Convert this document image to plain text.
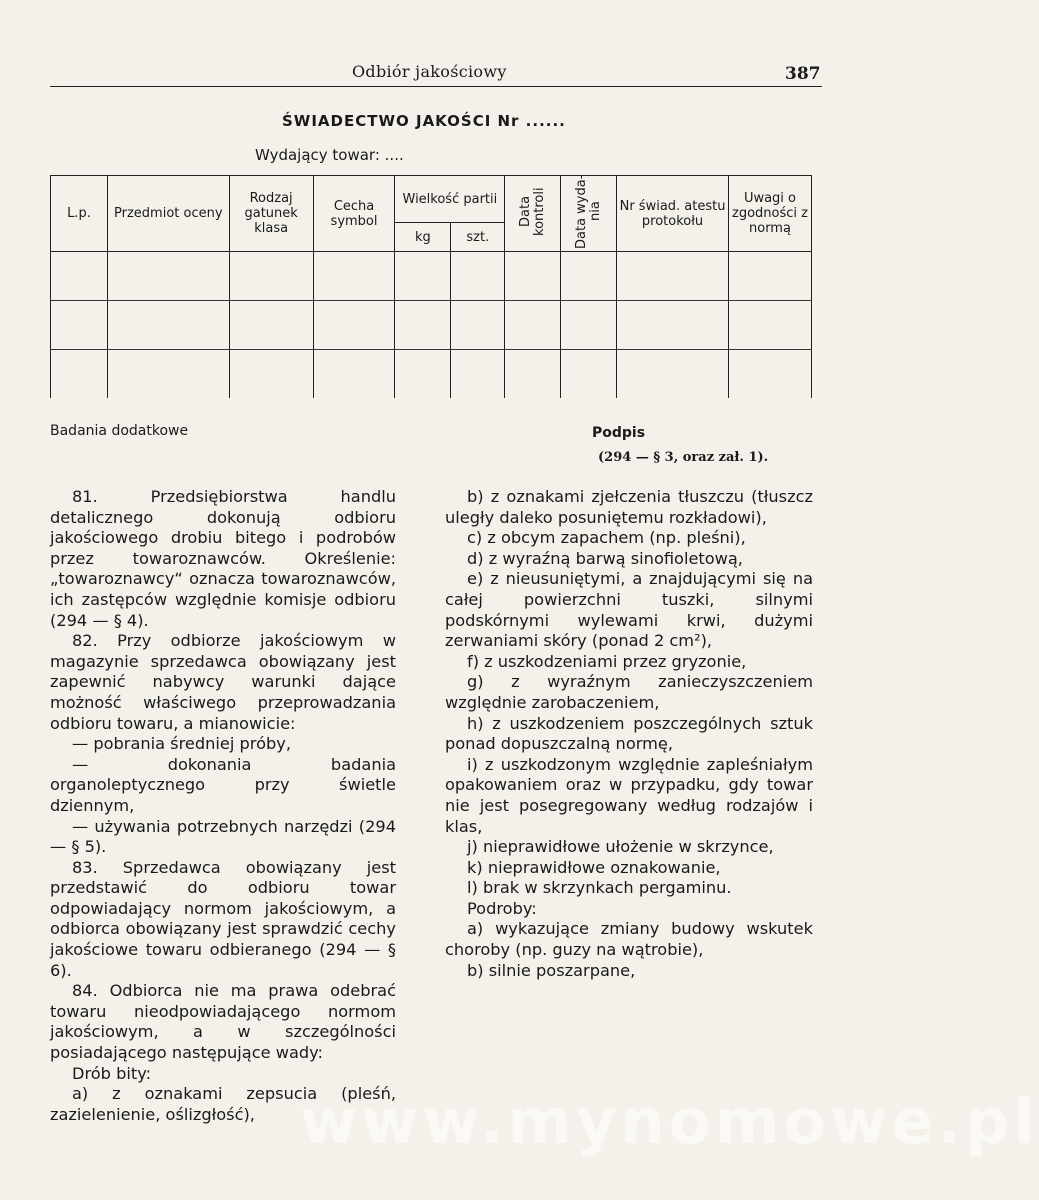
Odbiór jakościowy	387
ŚWIADECTWO JAKOŚCI Nr ......
Wydający towar: ....
L.p.	Przedmiot oceny	Rodzaj gatunek klasa	Cecha symbol	Wielkość partii		Data kontroli	Data wyda-nia	Nr świad. atestu protokołu	Uwagi o zgodności z normą
				kg	szt.				

Badania dodatkowe	Podpis
(294 — § 3, oraz zał. 1).

81. Przedsiębiorstwa handlu detalicznego dokonują odbioru jakościowego drobiu bitego i podrobów przez towaroznawców. Określenie: „towaroznawcy“ oznacza towaroznawców, ich zastępców względnie komisje odbioru (294 — § 4).

82. Przy odbiorze jakościowym w magazynie sprzedawca obowiązany jest zapewnić nabywcy warunki dające możność właściwego przeprowadzania odbioru towaru, a mianowicie:

— pobrania średniej próby,

— dokonania badania organoleptycznego przy świetle dziennym,

— używania potrzebnych narzędzi (294 — § 5).

83. Sprzedawca obowiązany jest przedstawić do odbioru towar odpowiadający normom jakościowym, a odbiorca obowiązany jest sprawdzić cechy jakościowe towaru odbieranego (294 — § 6).

84. Odbiorca nie ma prawa odebrać towaru nieodpowiadającego normom jakościowym, a w szczególności posiadającego następujące wady:

Drób bity:

a) z oznakami zepsucia (pleśń, zazielenienie, oślizgłość),

b) z oznakami zjełczenia tłuszczu (tłuszcz uległy daleko posuniętemu rozkładowi),

c) z obcym zapachem (np. pleśni),

d) z wyraźną barwą sinofioletową,

e) z nieusuniętymi, a znajdującymi się na całej powierzchni tuszki, silnymi podskórnymi wylewami krwi, dużymi zerwaniami skóry (ponad 2 cm²),

f) z uszkodzeniami przez gryzonie,

g) z wyraźnym zanieczyszczeniem względnie zarobaczeniem,

h) z uszkodzeniem poszczególnych sztuk ponad dopuszczalną normę,

i) z uszkodzonym względnie zapleśniałym opakowaniem oraz w przypadku, gdy towar nie jest posegregowany według rodzajów i klas,

j) nieprawidłowe ułożenie w skrzynce,

k) nieprawidłowe oznakowanie,

l) brak w skrzynkach pergaminu.

Podroby:

a) wykazujące zmiany budowy wskutek choroby (np. guzy na wątrobie),

b) silnie poszarpane,

www.mynomowe.pl
